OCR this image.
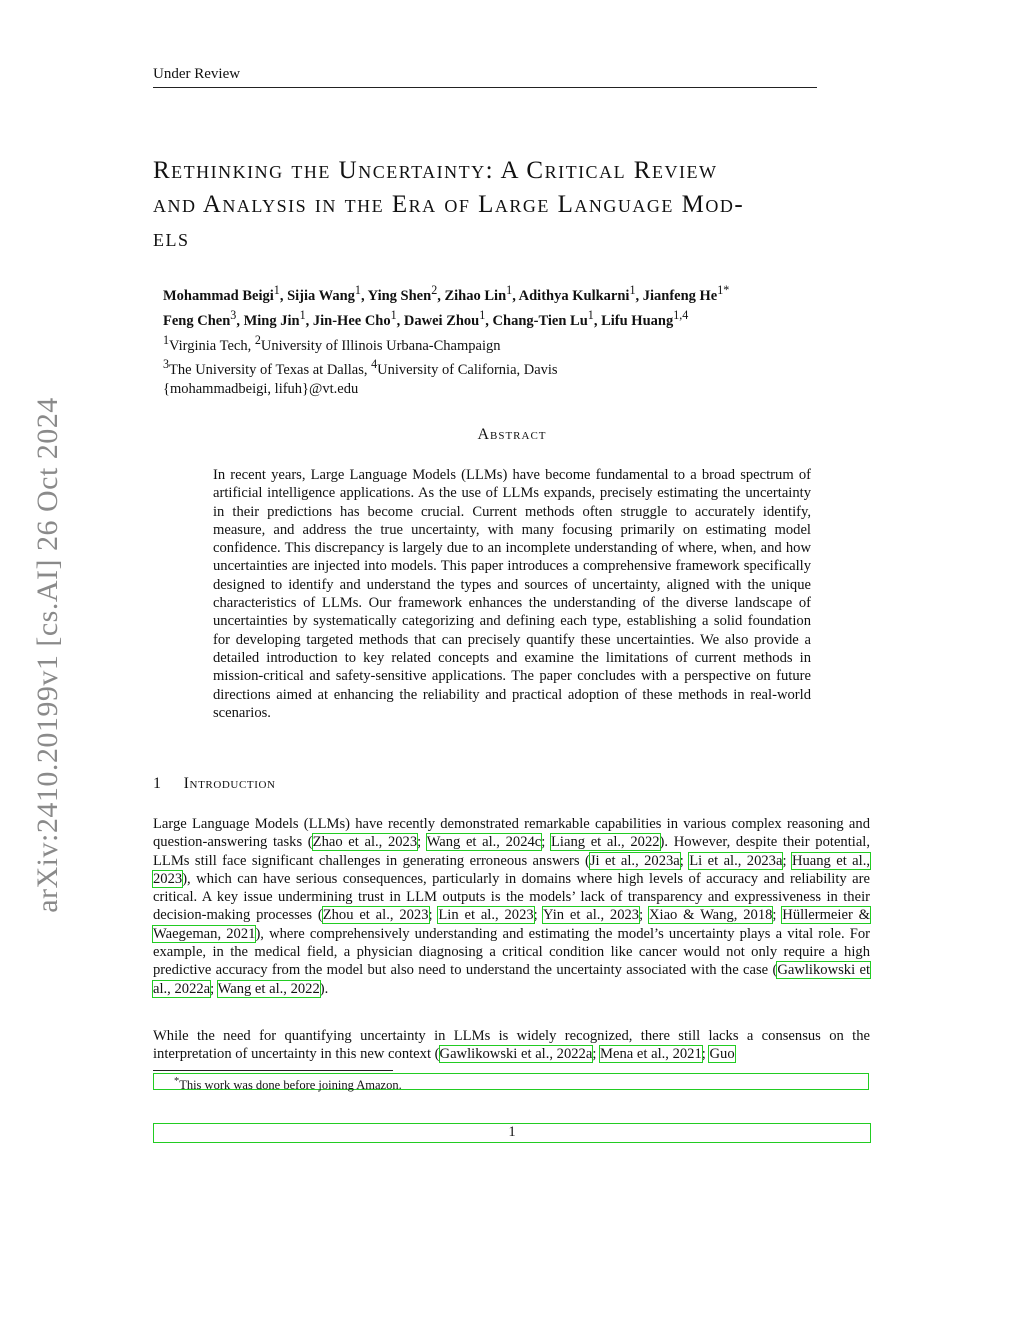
arXiv:2410.20199v1 [cs.AI] 26 Oct 2024
Under Review
Rethinking the Uncertainty: A Critical Review
and Analysis in the Era of Large Language Mod-
els
Mohammad Beigi$^1$, Sijia Wang$^1$, Ying Shen$^2$, Zihao Lin$^1$, Adithya Kulkarni$^1$, Jianfeng $He^{1*}$
Feng Chen$^3$, Ming Jin$^1$, Jin-Hee Cho$^1$, Dawei Zhou$^1$, Chang-Tien Lu$^1$, Lifu Huang$^{1,4}$
$^1$Virginia Tech, $^2$University of Illinois Urbana-Champaign
$^3$The University of Texas at Dallas, $^4$University of California, Davis
{mohammadbeigi, lifuh}@vt.edu
Abstract
In recent years, Large Language Models (LLMs) have become fundamental to a broad spectrum of artificial intelligence applications. As the use of LLMs expands, precisely estimating the uncertainty in their predictions has become crucial. Current methods often struggle to accurately identify, measure, and address the true uncertainty, with many focusing primarily on estimating model confidence. This discrepancy is largely due to an incomplete understanding of where, when, and how uncertainties are injected into models. This paper introduces a comprehensive framework specifically designed to identify and understand the types and sources of uncertainty, aligned with the unique characteristics of LLMs. Our framework enhances the understanding of the diverse landscape of uncertainties by systematically categorizing and defining each type, establishing a solid foundation for developing targeted methods that can precisely quantify these uncertainties. We also provide a detailed introduction to key related concepts and examine the limitations of current methods in mission-critical and safety-sensitive applications. The paper concludes with a perspective on future directions aimed at enhancing the reliability and practical adoption of these methods in real-world scenarios.
1 Introduction
Large Language Models (LLMs) have recently demonstrated remarkable capabilities in various complex reasoning and question-answering tasks (Zhao et al., 2023; Wang et al., 2024c; Liang et al., 2022). However, despite their potential, LLMs still face significant challenges in generating erroneous answers (Ji et al., 2023a; Li et al., 2023a; Huang et al., 2023), which can have serious consequences, particularly in domains where high levels of accuracy and reliability are critical. A key issue undermining trust in LLM outputs is the models’ lack of transparency and expressiveness in their decision-making processes (Zhou et al., 2023; Lin et al., 2023; Yin et al., 2023; Xiao & Wang, 2018; Hüllermeier & Waegeman, 2021), where comprehensively understanding and estimating the model’s uncertainty plays a vital role. For example, in the medical field, a physician diagnosing a critical condition like cancer would not only require a high predictive accuracy from the model but also need to understand the uncertainty associated with the case (Gawlikowski et al., 2022a; Wang et al., 2022).
While the need for quantifying uncertainty in LLMs is widely recognized, there still lacks a consensus on the interpretation of uncertainty in this new context (Gawlikowski et al., 2022a; Mena et al., 2021; Guo
*This work was done before joining Amazon.
1
